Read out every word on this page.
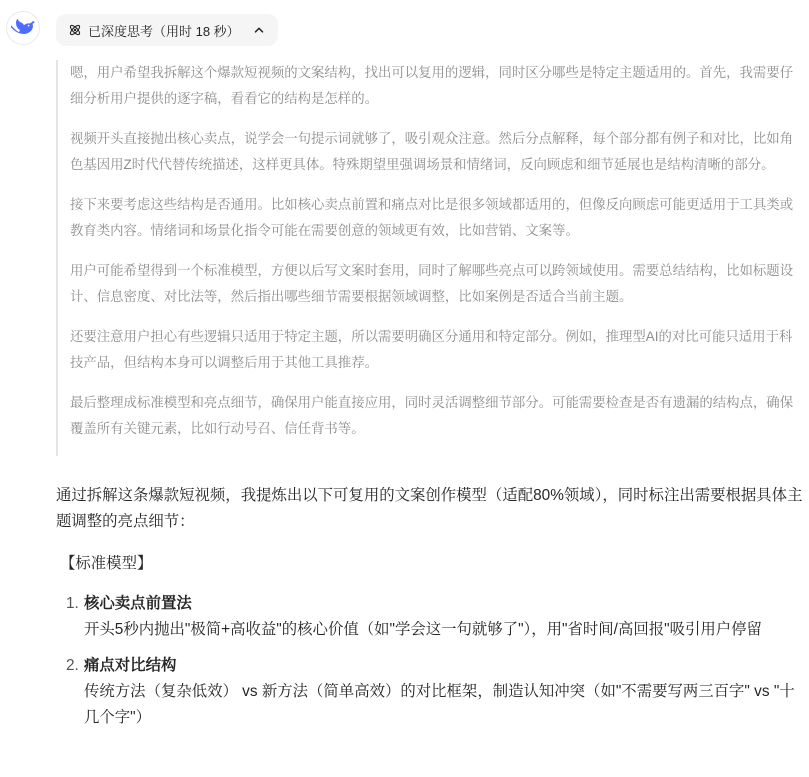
已深度思考（用时 18 秒）

嗯，用户希望我拆解这个爆款短视频的文案结构，找出可以复用的逻辑，同时区分哪些是特定主题适用的。首先，我需要仔细分析用户提供的逐字稿，看看它的结构是怎样的。

视频开头直接抛出核心卖点，说学会一句提示词就够了，吸引观众注意。然后分点解释，每个部分都有例子和对比，比如角色基因用Z时代代替传统描述，这样更具体。特殊期望里强调场景和情绪词，反向顾虑和细节延展也是结构清晰的部分。

接下来要考虑这些结构是否通用。比如核心卖点前置和痛点对比是很多领域都适用的，但像反向顾虑可能更适用于工具类或教育类内容。情绪词和场景化指令可能在需要创意的领域更有效，比如营销、文案等。

用户可能希望得到一个标准模型，方便以后写文案时套用，同时了解哪些亮点可以跨领域使用。需要总结结构，比如标题设计、信息密度、对比法等，然后指出哪些细节需要根据领域调整，比如案例是否适合当前主题。

还要注意用户担心有些逻辑只适用于特定主题，所以需要明确区分通用和特定部分。例如，推理型AI的对比可能只适用于科技产品，但结构本身可以调整后用于其他工具推荐。

最后整理成标准模型和亮点细节，确保用户能直接应用，同时灵活调整细节部分。可能需要检查是否有遗漏的结构点，确保覆盖所有关键元素，比如行动号召、信任背书等。

通过拆解这条爆款短视频，我提炼出以下可复用的文案创作模型（适配80%领域），同时标注出需要根据具体主题调整的亮点细节：

【标准模型】

1. 核心卖点前置法
开头5秒内抛出"极简+高收益"的核心价值（如"学会这一句就够了"），用"省时间/高回报"吸引用户停留
2. 痛点对比结构
传统方法（复杂低效） vs 新方法（简单高效）的对比框架，制造认知冲突（如"不需要写两三百字" vs "十几个字"）
